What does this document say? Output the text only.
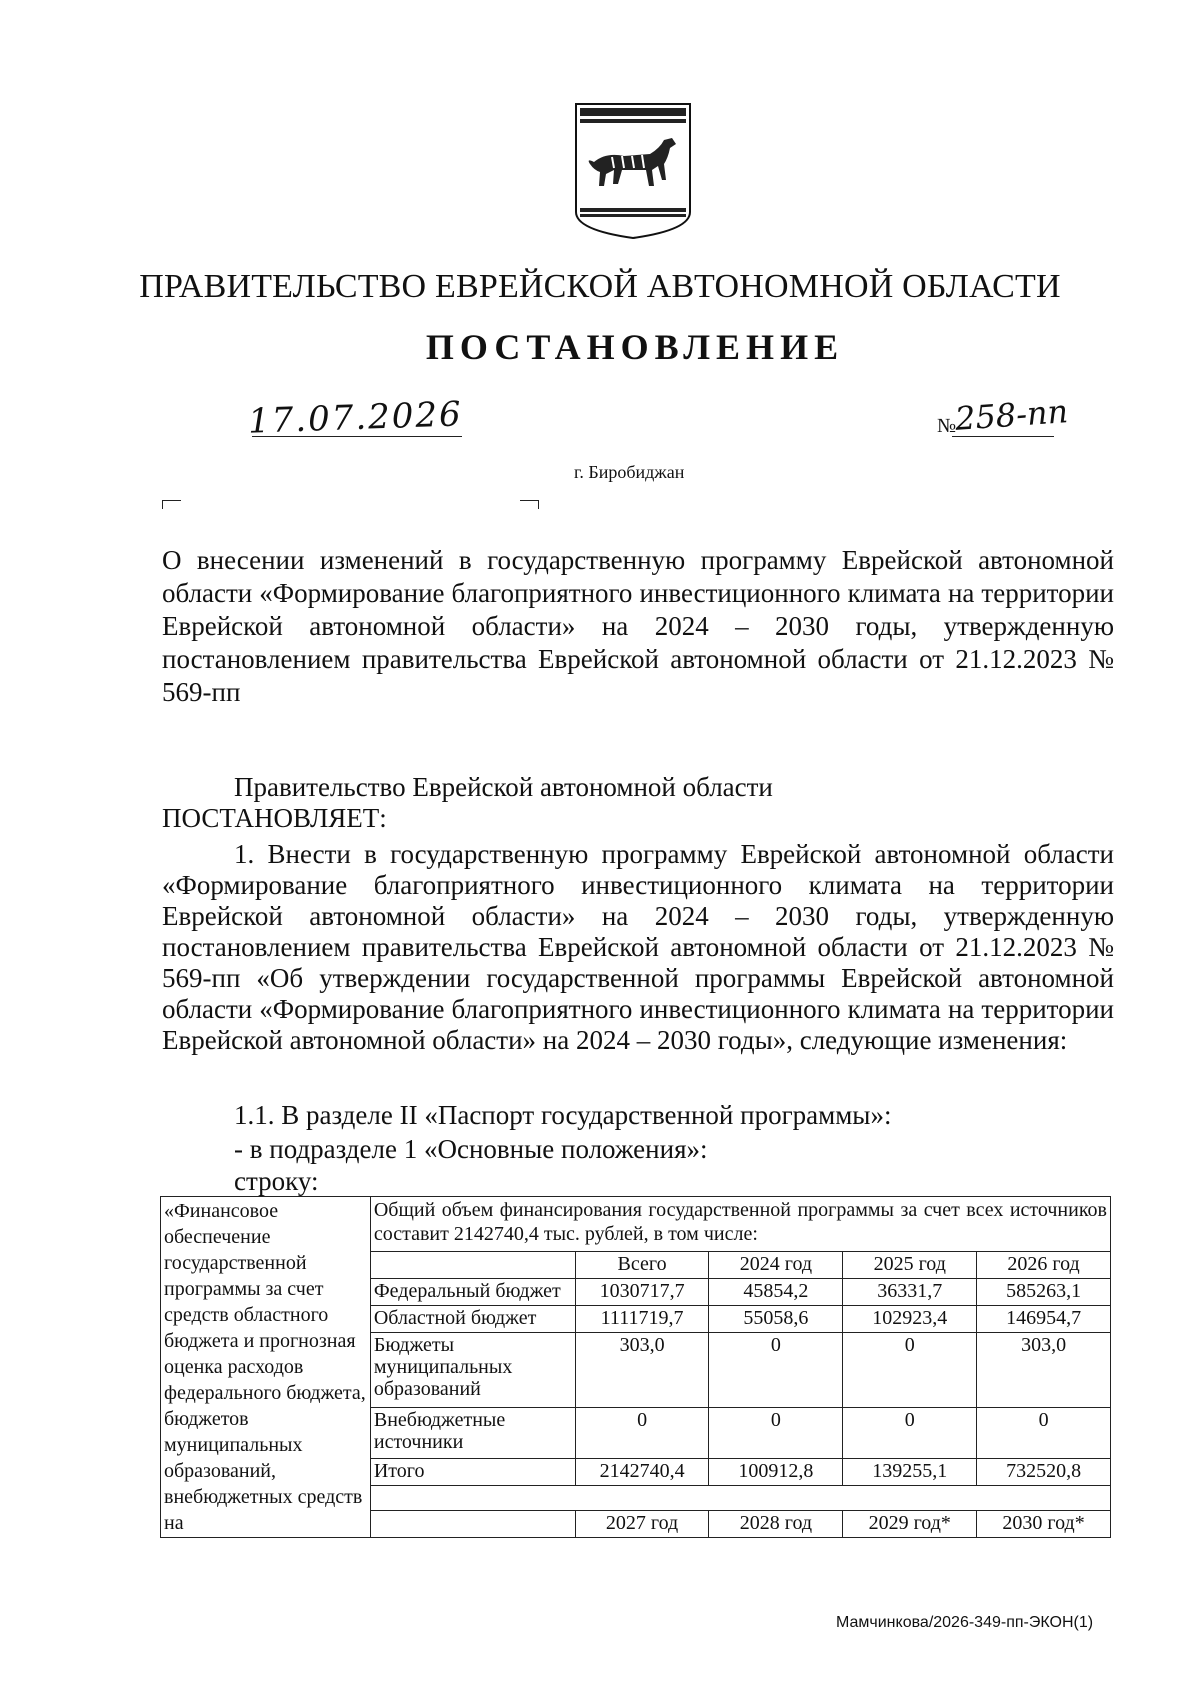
ПРАВИТЕЛЬСТВО ЕВРЕЙСКОЙ АВТОНОМНОЙ ОБЛАСТИ
ПОСТАНОВЛЕНИЕ
17.07.2026	№
258-пп
г. Биробиджан
О внесении изменений в государственную программу Еврейской автономной области «Формирование благоприятного инвестиционного климата на территории Еврейской автономной области» на 2024 – 2030 годы, утвержденную постановлением правительства Еврейской автономной области от 21.12.2023 № 569-пп
Правительство Еврейской автономной области
ПОСТАНОВЛЯЕТ:
1. Внести в государственную программу Еврейской автономной области «Формирование благоприятного инвестиционного климата на территории Еврейской автономной области» на 2024 – 2030 годы, утвержденную постановлением правительства Еврейской автономной области от 21.12.2023 № 569-пп «Об утверждении государственной программы Еврейской автономной области «Формирование благоприятного инвестиционного климата на территории Еврейской автономной области» на 2024 – 2030 годы», следующие изменения:
1.1. В разделе II «Паспорт государственной программы»:
- в подразделе 1 «Основные положения»:
строку:
«Финансовое обеспечение государственной программы за счет средств областного бюджета и прогнозная оценка расходов федерального бюджета, бюджетов муниципальных образований, внебюджетных средств на	Общий объем финансирования государственной программы за счет всех источников составит 2142740,4 тыс. рублей, в том числе:				
		Всего	2024 год	2025 год	2026 год
	Федеральный бюджет	1030717,7	45854,2	36331,7	585263,1
	Областной бюджет	1111719,7	55058,6	102923,4	146954,7
	Бюджеты муниципальных образований	303,0	0	0	303,0
	Внебюджетные источники	0	0	0	0
	Итого	2142740,4	100912,8	139255,1	732520,8

		2027 год	2028 год	2029 год*	2030 год*
Мамчинкова/2026-349-пп-ЭКОН(1)
